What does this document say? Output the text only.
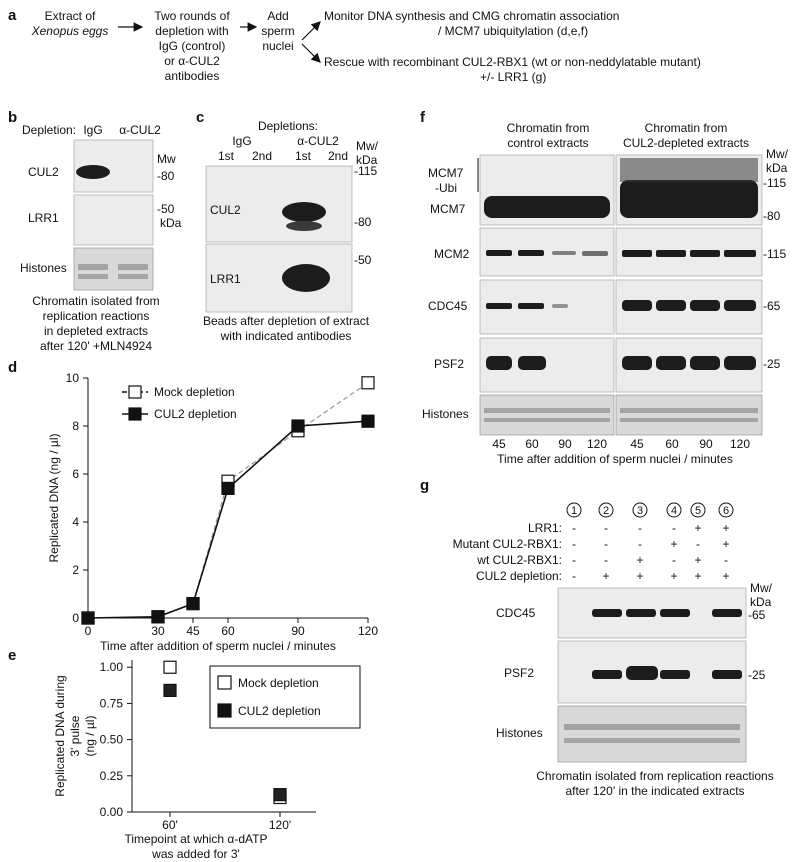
a Extract of
Xenopus eggs
Two rounds of
depletion with
IgG (control)
or α-CUL2
antibodies
Add
sperm
nuclei
Monitor DNA synthesis and CMG chromatin association
/ MCM7 ubiquitylation (d,e,f)
Rescue with recombinant CUL2-RBX1 (wt or non-neddylatable mutant)
+/- LRR1 (g)
b
Depletion: IgG α-CUL2
Mw
CUL2
LRR1
Histones
-80
-50
kDa
Chromatin isolated from
replication reactions
in depleted extracts
after 120' +MLN4924
c	Depletions:
IgG	α-CUL2
1st 2nd 1st 2nd
Mw/
kDa
CUL2
LRR1
-115
-80
-50
Beads after depletion of extract
with indicated antibodies
d
0
2
4
6
8
10
0	30 45 60	90	120
Time after addition of sperm nuclei / minutes
Replicated DNA (ng / µl)
Mock depletion
CUL2 depletion
e
0.00
0.25
0.50
0.75
1.00
60'	120'
Timepoint at which α-dATP
was added for 3'
Replicated DNA during 3' pulse (ng / µl)
Mock depletion
CUL2 depletion
f
Chromatin from
control extracts
Chromatin from
CUL2-depleted extracts
Mw/
kDa
MCM7
-Ubi
MCM7
-115
-80
MCM2	-115
CDC45	-65
PSF2	-25
Histones
45 60 90 120 45 60 90 120
Time after addition of sperm nuclei / minutes
g
1 2	3	4 5 6
LRR1: - -	-	- + +
Mutant CUL2-RBX1: - -	- + - +
wt CUL2-RBX1: - - + - + -
CUL2 depletion: - + + + + +
Mw/
kDa
CDC45	-65
PSF2	-25
Histones
Chromatin isolated from replication reactions
after 120' in the indicated extracts
